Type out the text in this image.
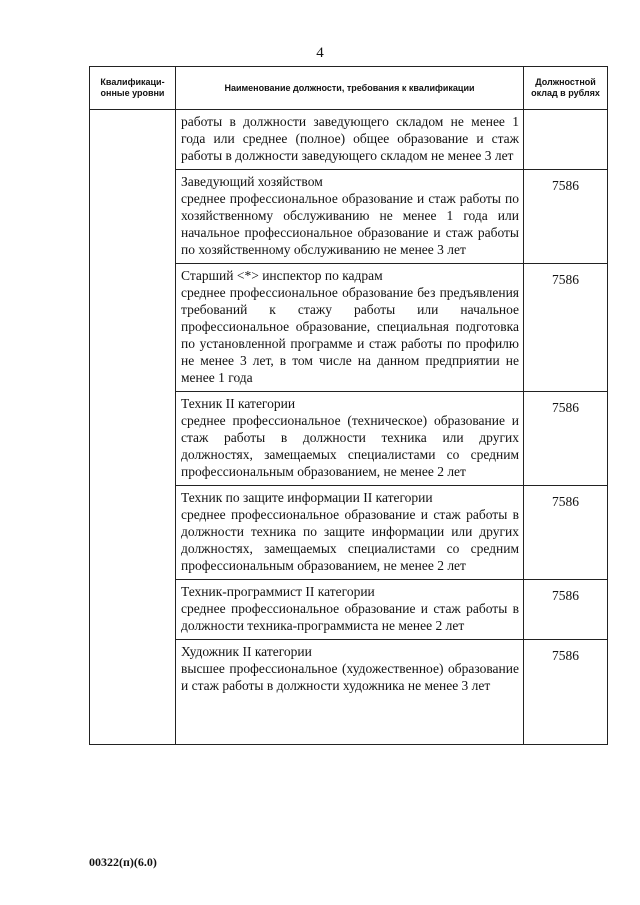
4
Квалификаци-
онные уровни	Наименование должности, требования к квалификации	Должностной
оклад в рублях
	работы в должности заведующего складом не менее 1 года или среднее (полное) общее образование и стаж работы в должности заведующего складом не менее 3 лет	

	Заведующий хозяйством
среднее профессиональное образование и стаж работы по хозяйственному обслуживанию не менее 1 года или начальное профессиональное образование и стаж работы по хозяйственному обслуживанию не менее 3 лет	7586

	Старший <*> инспектор по кадрам
среднее профессиональное образование без предъявления требований к стажу работы или начальное профессиональное образование, специальная подготовка по установленной программе и стаж работы по профилю не менее 3 лет, в том числе на данном предприятии не менее 1 года	7586

	Техник II категории
среднее профессиональное (техническое) образование и стаж работы в должности техника или других должностях, замещаемых специалистами со средним профессиональным образованием, не менее 2 лет	7586

	Техник по защите информации II категории
среднее профессиональное образование и стаж работы в должности техника по защите информации или других должностях, замещаемых специалистами со средним профессиональным образованием, не менее 2 лет	7586

	Техник-программист II категории
среднее профессиональное образование и стаж работы в должности техника-программиста не менее 2 лет	7586

	Художник II категории
высшее профессиональное (художественное) образование и стаж работы в должности художника не менее 3 лет	7586
00322(п)(6.0)
